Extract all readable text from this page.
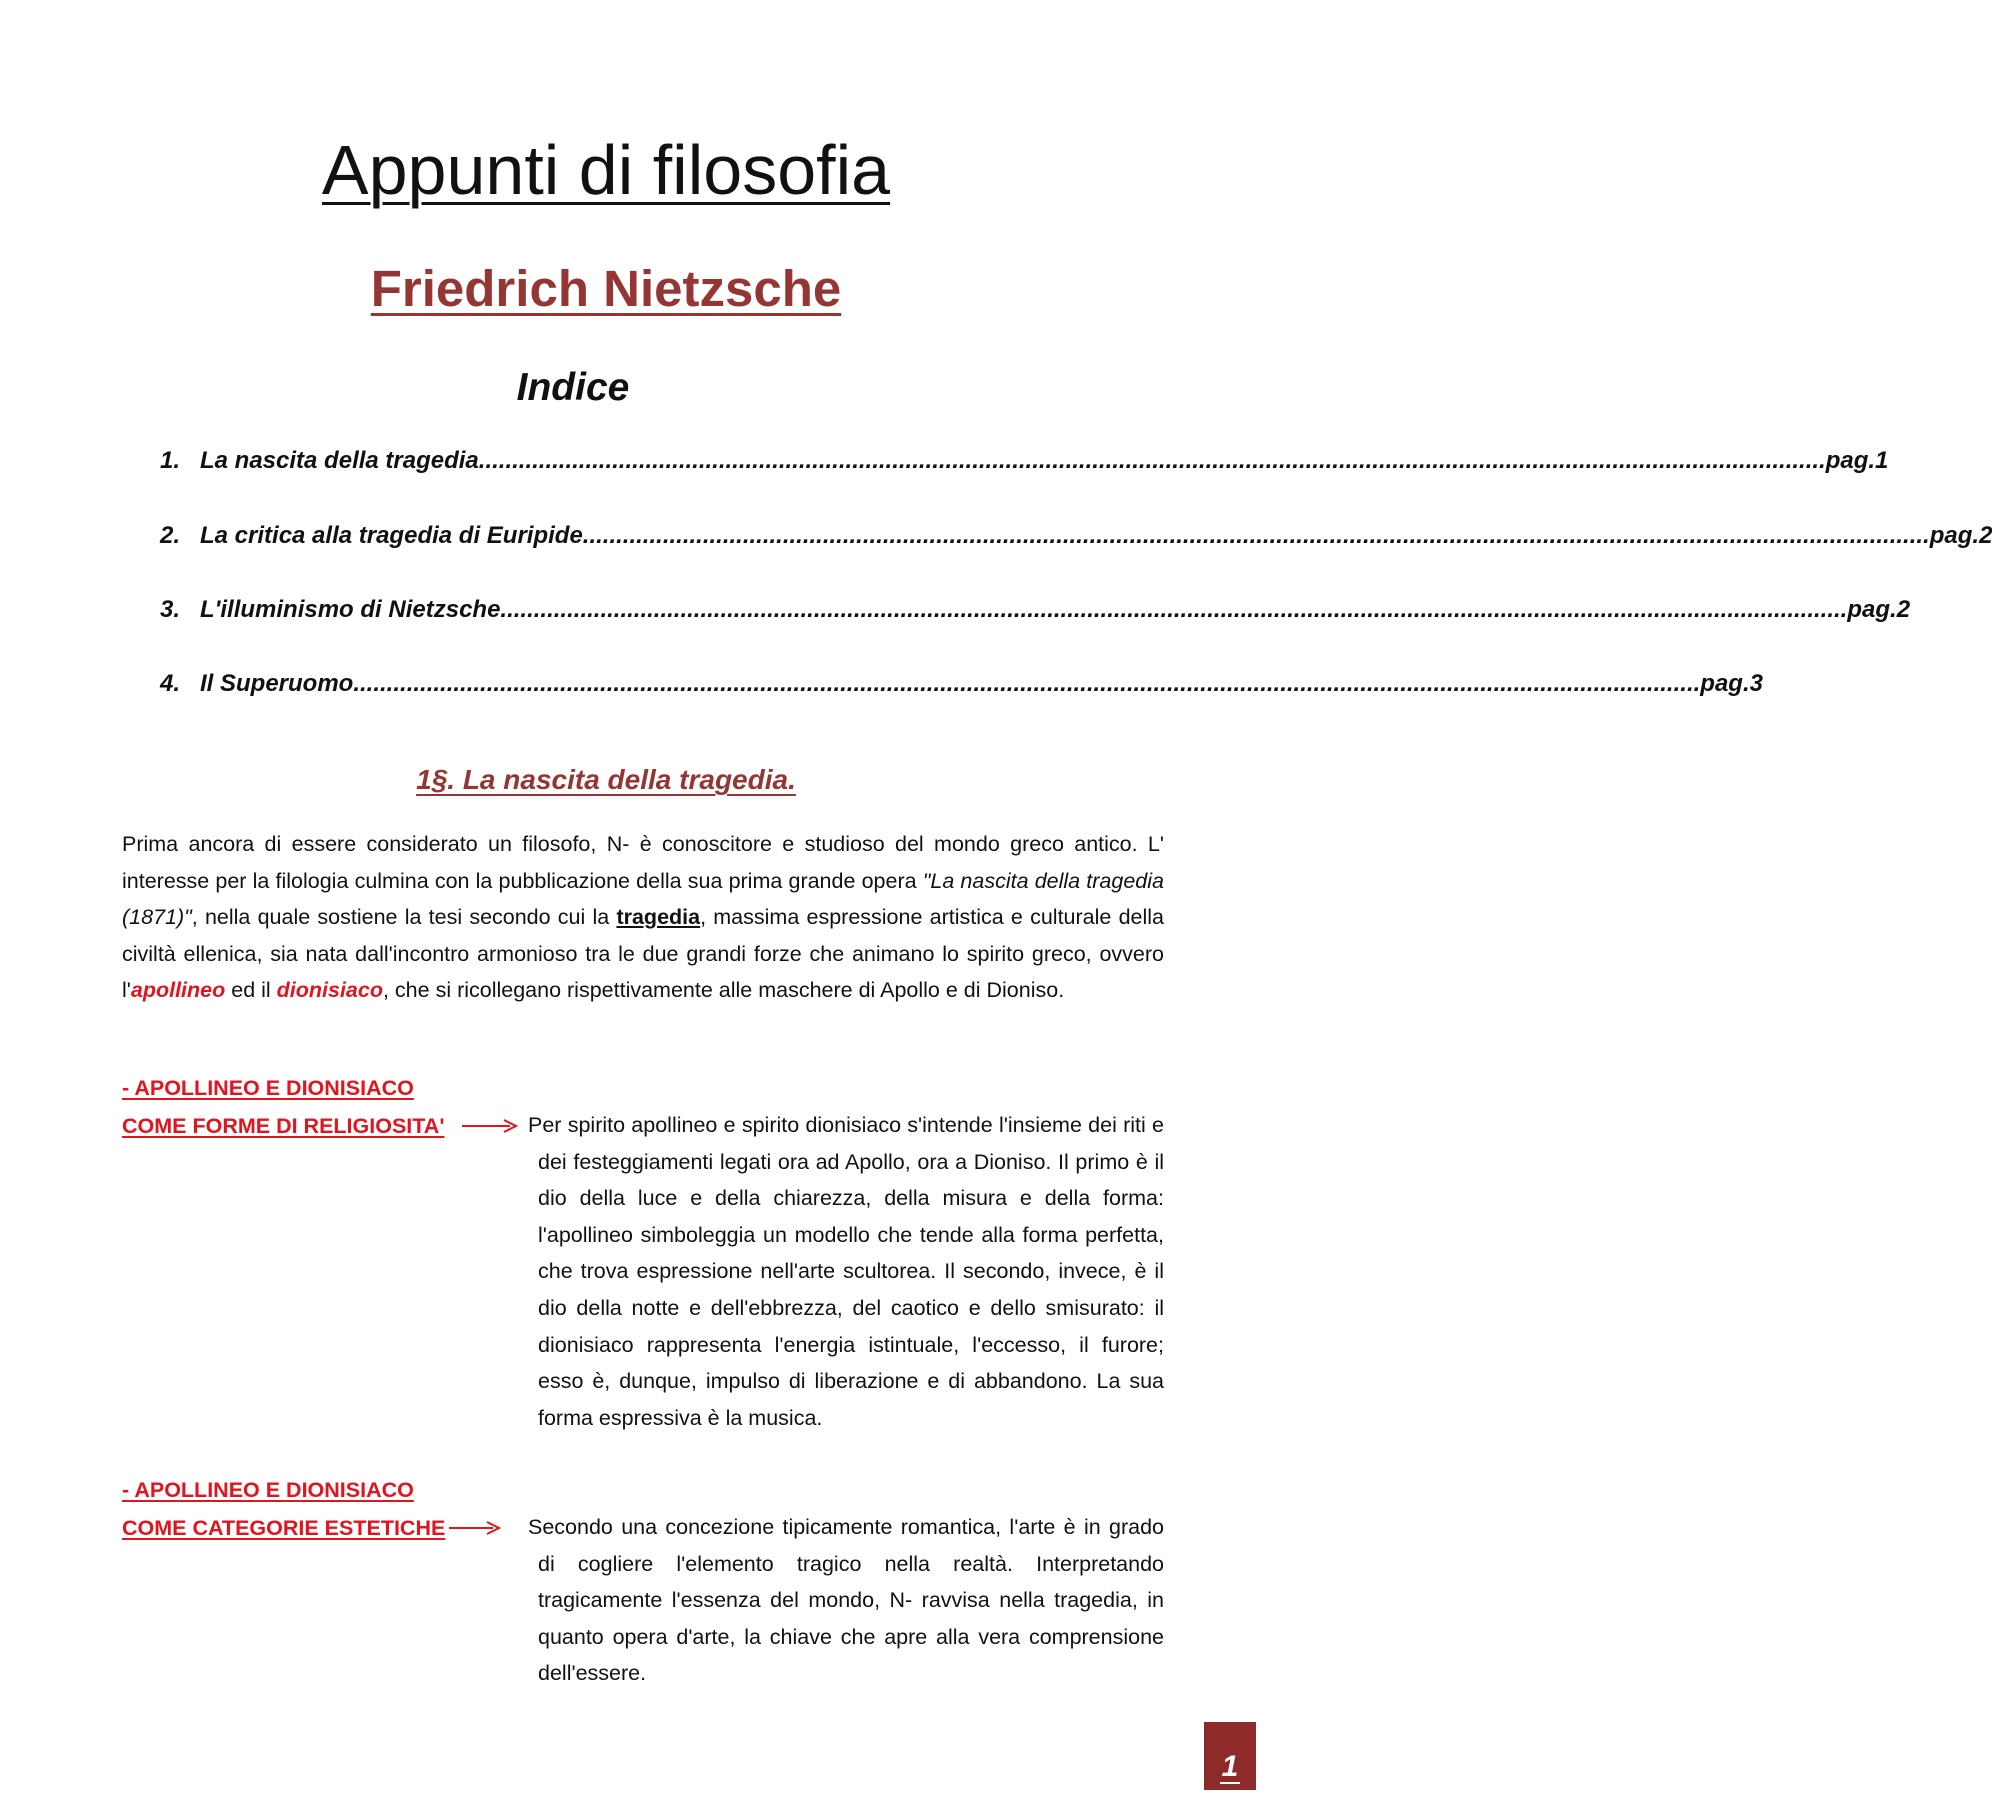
Appunti di filosofia
Friedrich Nietzsche
Indice
1. La nascita della tragedia .......................................................................................................................................................................................................... pag.1
2. La critica alla tragedia di Euripide .......................................................................................................................................................................................................... pag.2
3. L'illuminismo di Nietzsche .......................................................................................................................................................................................................... pag.2
4. Il Superuomo .......................................................................................................................................................................................................... pag.3
1§. La nascita della tragedia.
Prima ancora di essere considerato un filosofo, N- è conoscitore e studioso del mondo greco antico. L' interesse per la filologia culmina con la pubblicazione della sua prima grande opera "La nascita della tragedia (1871)", nella quale sostiene la tesi secondo cui la tragedia, massima espressione artistica e culturale della civiltà ellenica, sia nata dall'incontro armonioso tra le due grandi forze che animano lo spirito greco, ovvero l'apollineo ed il dionisiaco, che si ricollegano rispettivamente alle maschere di Apollo e di Dioniso.
- APOLLINEO E DIONISIACO
COME FORME DI RELIGIOSITA'	Per spirito apollineo e spirito dionisiaco s'intende l'insieme dei riti e dei festeggiamenti legati ora ad Apollo, ora a Dioniso. Il primo è il dio della luce e della chiarezza, della misura e della forma: l'apollineo simboleggia un modello che tende alla forma perfetta, che trova espressione nell'arte scultorea. Il secondo, invece, è il dio della notte e dell'ebbrezza, del caotico e dello smisurato: il dionisiaco rappresenta l'energia istintuale, l'eccesso, il furore; esso è, dunque, impulso di liberazione e di abbandono. La sua forma espressiva è la musica.
- APOLLINEO E DIONISIACO
COME CATEGORIE ESTETICHE	Secondo una concezione tipicamente romantica, l'arte è in grado di cogliere l'elemento tragico nella realtà. Interpretando tragicamente l'essenza del mondo, N- ravvisa nella tragedia, in quanto opera d'arte, la chiave che apre alla vera comprensione dell'essere.
1
